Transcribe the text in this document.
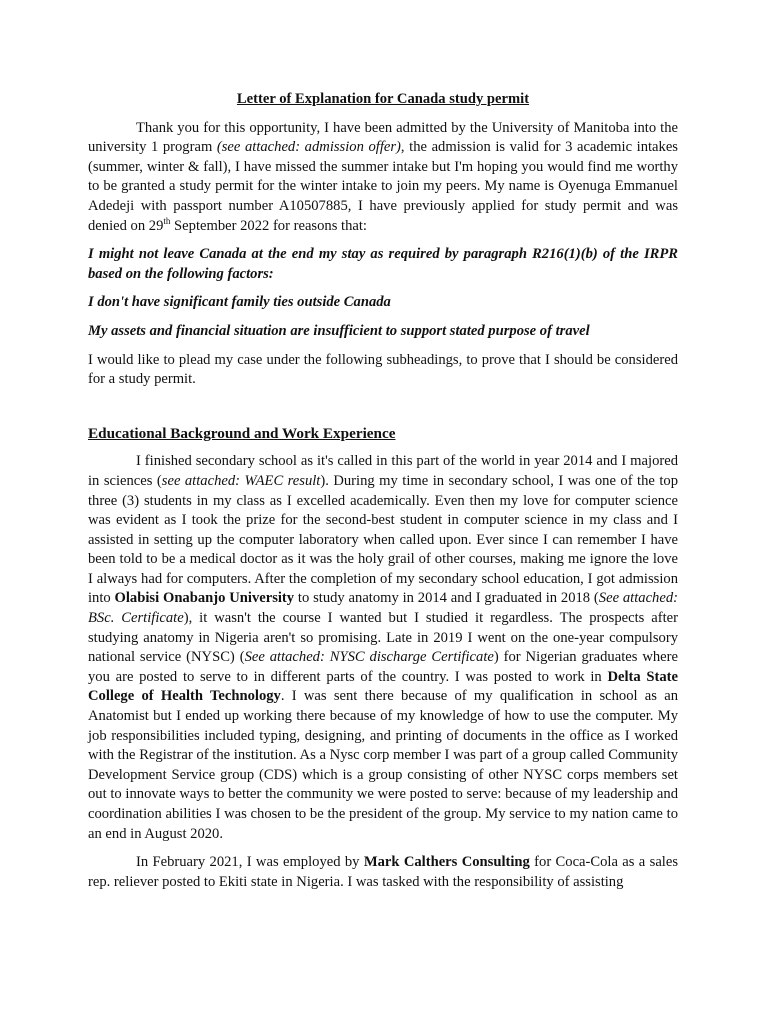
Letter of Explanation for Canada study permit

Thank you for this opportunity, I have been admitted by the University of Manitoba into the university 1 program (see attached: admission offer), the admission is valid for 3 academic intakes (summer, winter & fall), I have missed the summer intake but I'm hoping you would find me worthy to be granted a study permit for the winter intake to join my peers. My name is Oyenuga Emmanuel Adedeji with passport number A10507885, I have previously applied for study permit and was denied on 29th September 2022 for reasons that:

I might not leave Canada at the end my stay as required by paragraph R216(1)(b) of the IRPR based on the following factors:

I don't have significant family ties outside Canada

My assets and financial situation are insufficient to support stated purpose of travel

I would like to plead my case under the following subheadings, to prove that I should be considered for a study permit.

Educational Background and Work Experience

I finished secondary school as it's called in this part of the world in year 2014 and I majored in sciences (see attached: WAEC result). During my time in secondary school, I was one of the top three (3) students in my class as I excelled academically. Even then my love for computer science was evident as I took the prize for the second-best student in computer science in my class and I assisted in setting up the computer laboratory when called upon. Ever since I can remember I have been told to be a medical doctor as it was the holy grail of other courses, making me ignore the love I always had for computers. After the completion of my secondary school education, I got admission into Olabisi Onabanjo University to study anatomy in 2014 and I graduated in 2018 (See attached: BSc. Certificate), it wasn't the course I wanted but I studied it regardless. The prospects after studying anatomy in Nigeria aren't so promising. Late in 2019 I went on the one-year compulsory national service (NYSC) (See attached: NYSC discharge Certificate) for Nigerian graduates where you are posted to serve to in different parts of the country. I was posted to work in Delta State College of Health Technology. I was sent there because of my qualification in school as an Anatomist but I ended up working there because of my knowledge of how to use the computer. My job responsibilities included typing, designing, and printing of documents in the office as I worked with the Registrar of the institution. As a Nysc corp member I was part of a group called Community Development Service group (CDS) which is a group consisting of other NYSC corps members set out to innovate ways to better the community we were posted to serve: because of my leadership and coordination abilities I was chosen to be the president of the group. My service to my nation came to an end in August 2020.

In February 2021, I was employed by Mark Calthers Consulting for Coca-Cola as a sales rep. reliever posted to Ekiti state in Nigeria. I was tasked with the responsibility of assisting
